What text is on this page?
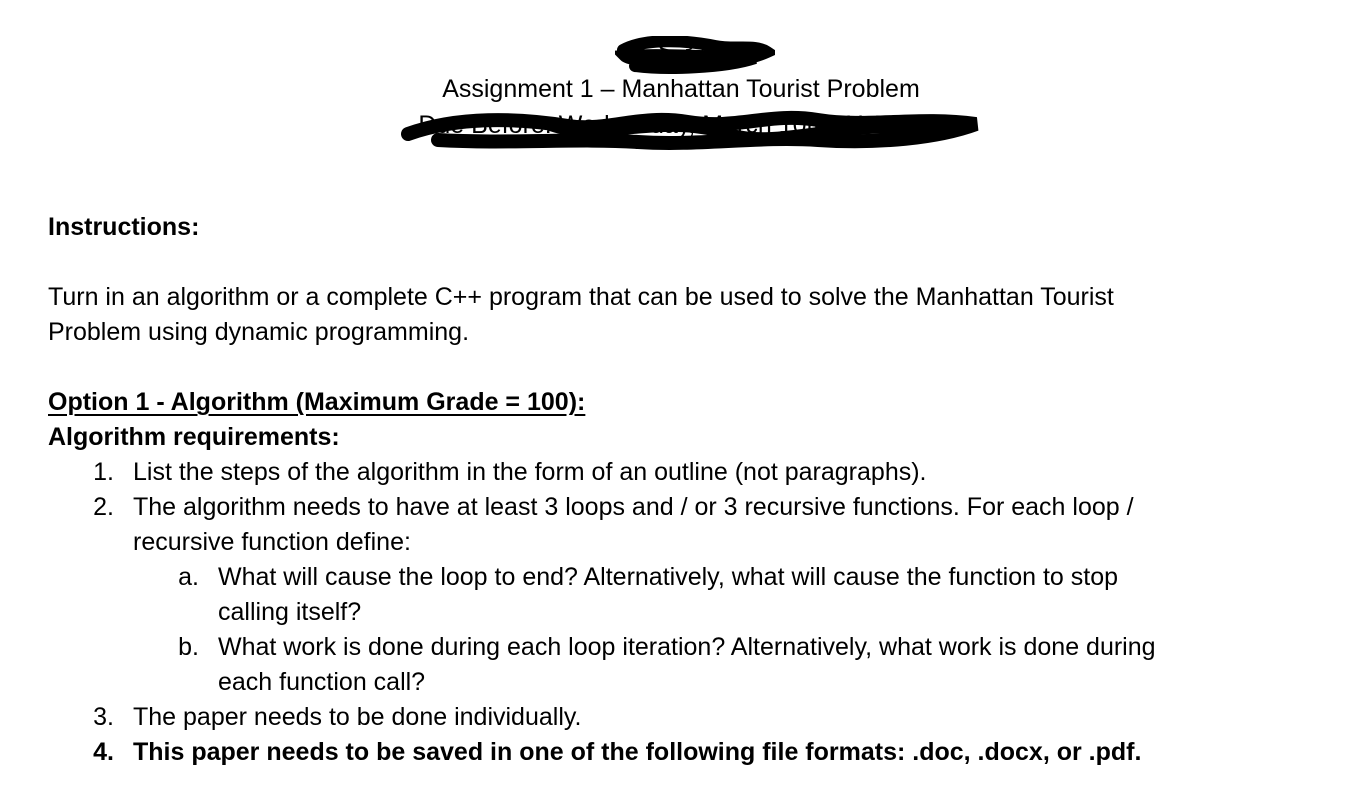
CS 374
Assignment 1 – Manhattan Tourist Problem
Due Before: Wednesday, March 10th, 11:59pm.
Instructions:
Turn in an algorithm or a complete C++ program that can be used to solve the Manhattan Tourist
Problem using dynamic programming.
Option 1 - Algorithm (Maximum Grade = 100):
Algorithm requirements:
1. List the steps of the algorithm in the form of an outline (not paragraphs).
2. The algorithm needs to have at least 3 loops and / or 3 recursive functions. For each loop /
recursive function define:
a. What will cause the loop to end? Alternatively, what will cause the function to stop
calling itself?
b. What work is done during each loop iteration? Alternatively, what work is done during
each function call?
3. The paper needs to be done individually.
4. This paper needs to be saved in one of the following file formats: .doc, .docx, or .pdf.
